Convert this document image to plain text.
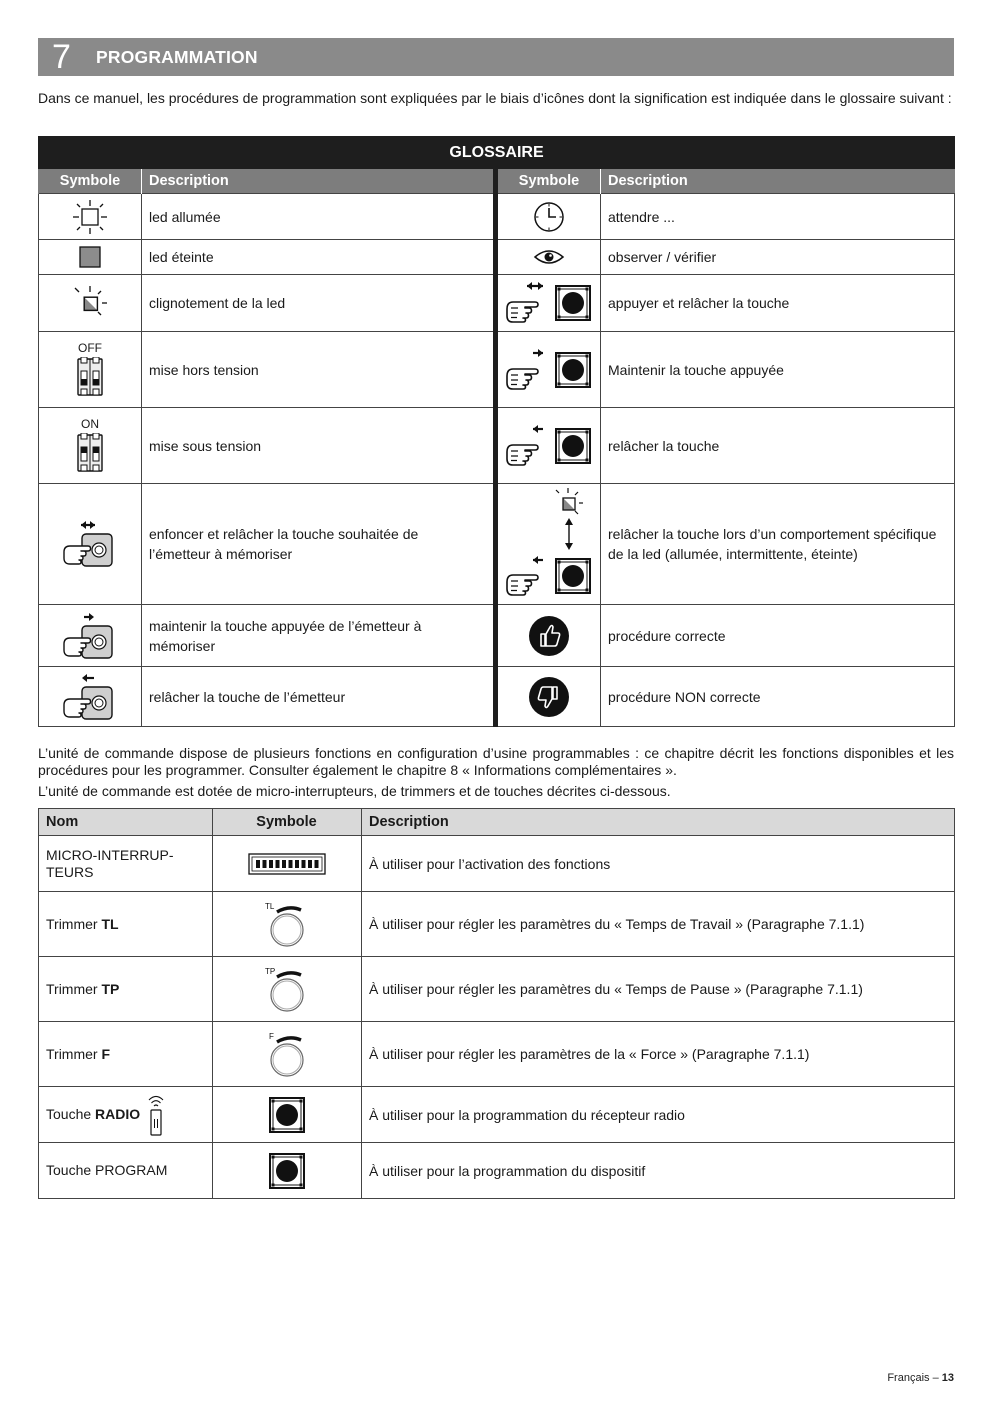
7	PROGRAMMATION
Dans ce manuel, les procédures de programmation sont expliquées par le biais d’icônes dont la signification est indiquée dans le glossaire suivant :
GLOSSAIRE			
Symbole	Description	Symbole	Description

	led allumée		attendre ...

	led éteinte		observer / vérifier

	clignotement de la led		appuyer et relâcher la touche

OFF	mise hors tension		Maintenir la touche appuyée

ON	mise sous tension		relâcher la touche

	enfoncer et relâcher la touche souhaitée de l’émetteur à mémoriser		relâcher la touche lors d’un comportement spécifique de la led (allumée, intermittente, éteinte)

	maintenir la touche appuyée de l’émetteur à mémoriser		procédure correcte

	relâcher la touche de l’émetteur		procédure NON correcte
L’unité de commande dispose de plusieurs fonctions en configuration d’usine programmables : ce chapitre décrit les fonctions disponibles et les procédures pour les programmer. Consulter également le chapitre 8 « Informations complémentaires ».
L’unité de commande est dotée de micro-interrupteurs, de trimmers et de touches décrites ci-dessous.
Nom	Symbole	Description
MICRO-INTERRUP-
TEURS		À utiliser pour l’activation des fonctions
Trimmer TL	TL	À utiliser pour régler les paramètres du « Temps de Travail » (Paragraphe 7.1.1)
Trimmer TP	TP	À utiliser pour régler les paramètres du « Temps de Pause » (Paragraphe 7.1.1)
Trimmer F	F	À utiliser pour régler les paramètres de la « Force » (Paragraphe 7.1.1)

Touche RADIO		À utiliser pour la programmation du récepteur radio
Touche PROGRAM		À utiliser pour la programmation du dispositif
Français – 13
